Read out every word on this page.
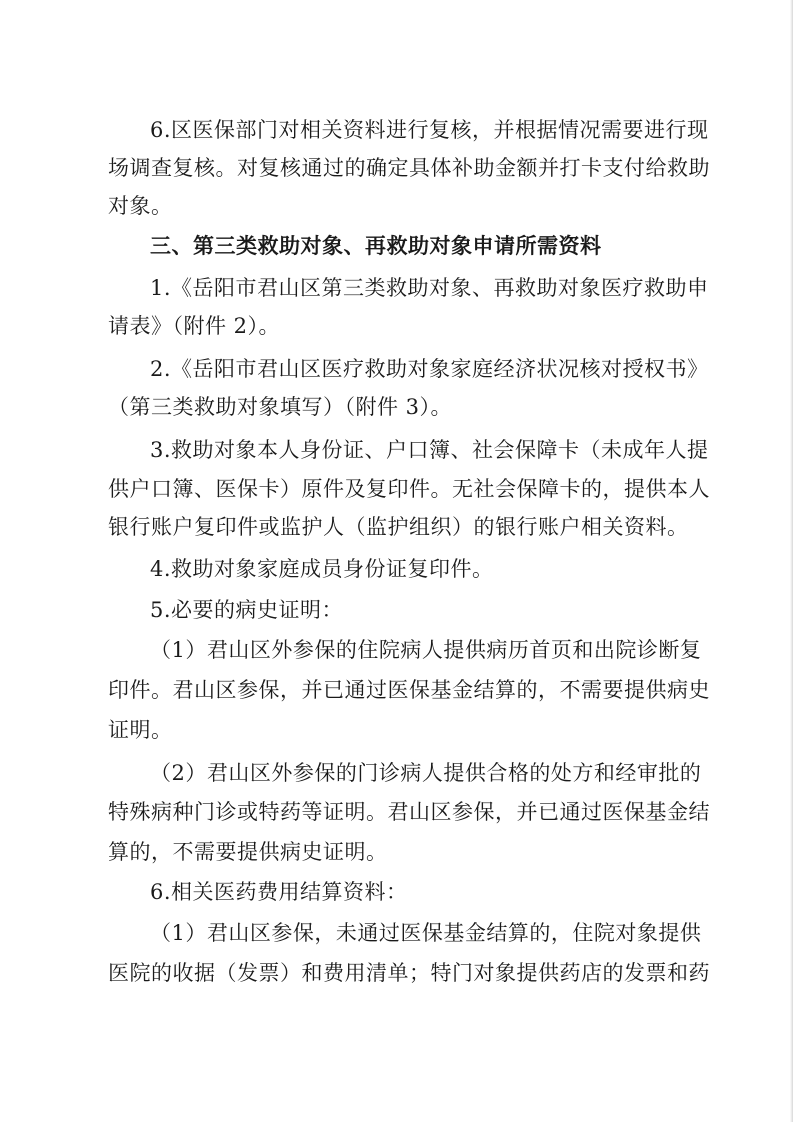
6.区医保部门对相关资料进行复核，并根据情况需要进行现
场调查复核。对复核通过的确定具体补助金额并打卡支付给救助
对象。
三、第三类救助对象、再救助对象申请所需资料
1.《岳阳市君山区第三类救助对象、再救助对象医疗救助申
请表》（附件 2）。
2.《岳阳市君山区医疗救助对象家庭经济状况核对授权书》
（第三类救助对象填写）（附件 3）。
3.救助对象本人身份证、户口簿、社会保障卡（未成年人提
供户口簿、医保卡）原件及复印件。无社会保障卡的，提供本人
银行账户复印件或监护人（监护组织）的银行账户相关资料。
4.救助对象家庭成员身份证复印件。
5.必要的病史证明：
（1）君山区外参保的住院病人提供病历首页和出院诊断复
印件。君山区参保，并已通过医保基金结算的，不需要提供病史
证明。
（2）君山区外参保的门诊病人提供合格的处方和经审批的
特殊病种门诊或特药等证明。君山区参保，并已通过医保基金结
算的，不需要提供病史证明。
6.相关医药费用结算资料：
（1）君山区参保，未通过医保基金结算的，住院对象提供
医院的收据（发票）和费用清单；特门对象提供药店的发票和药
